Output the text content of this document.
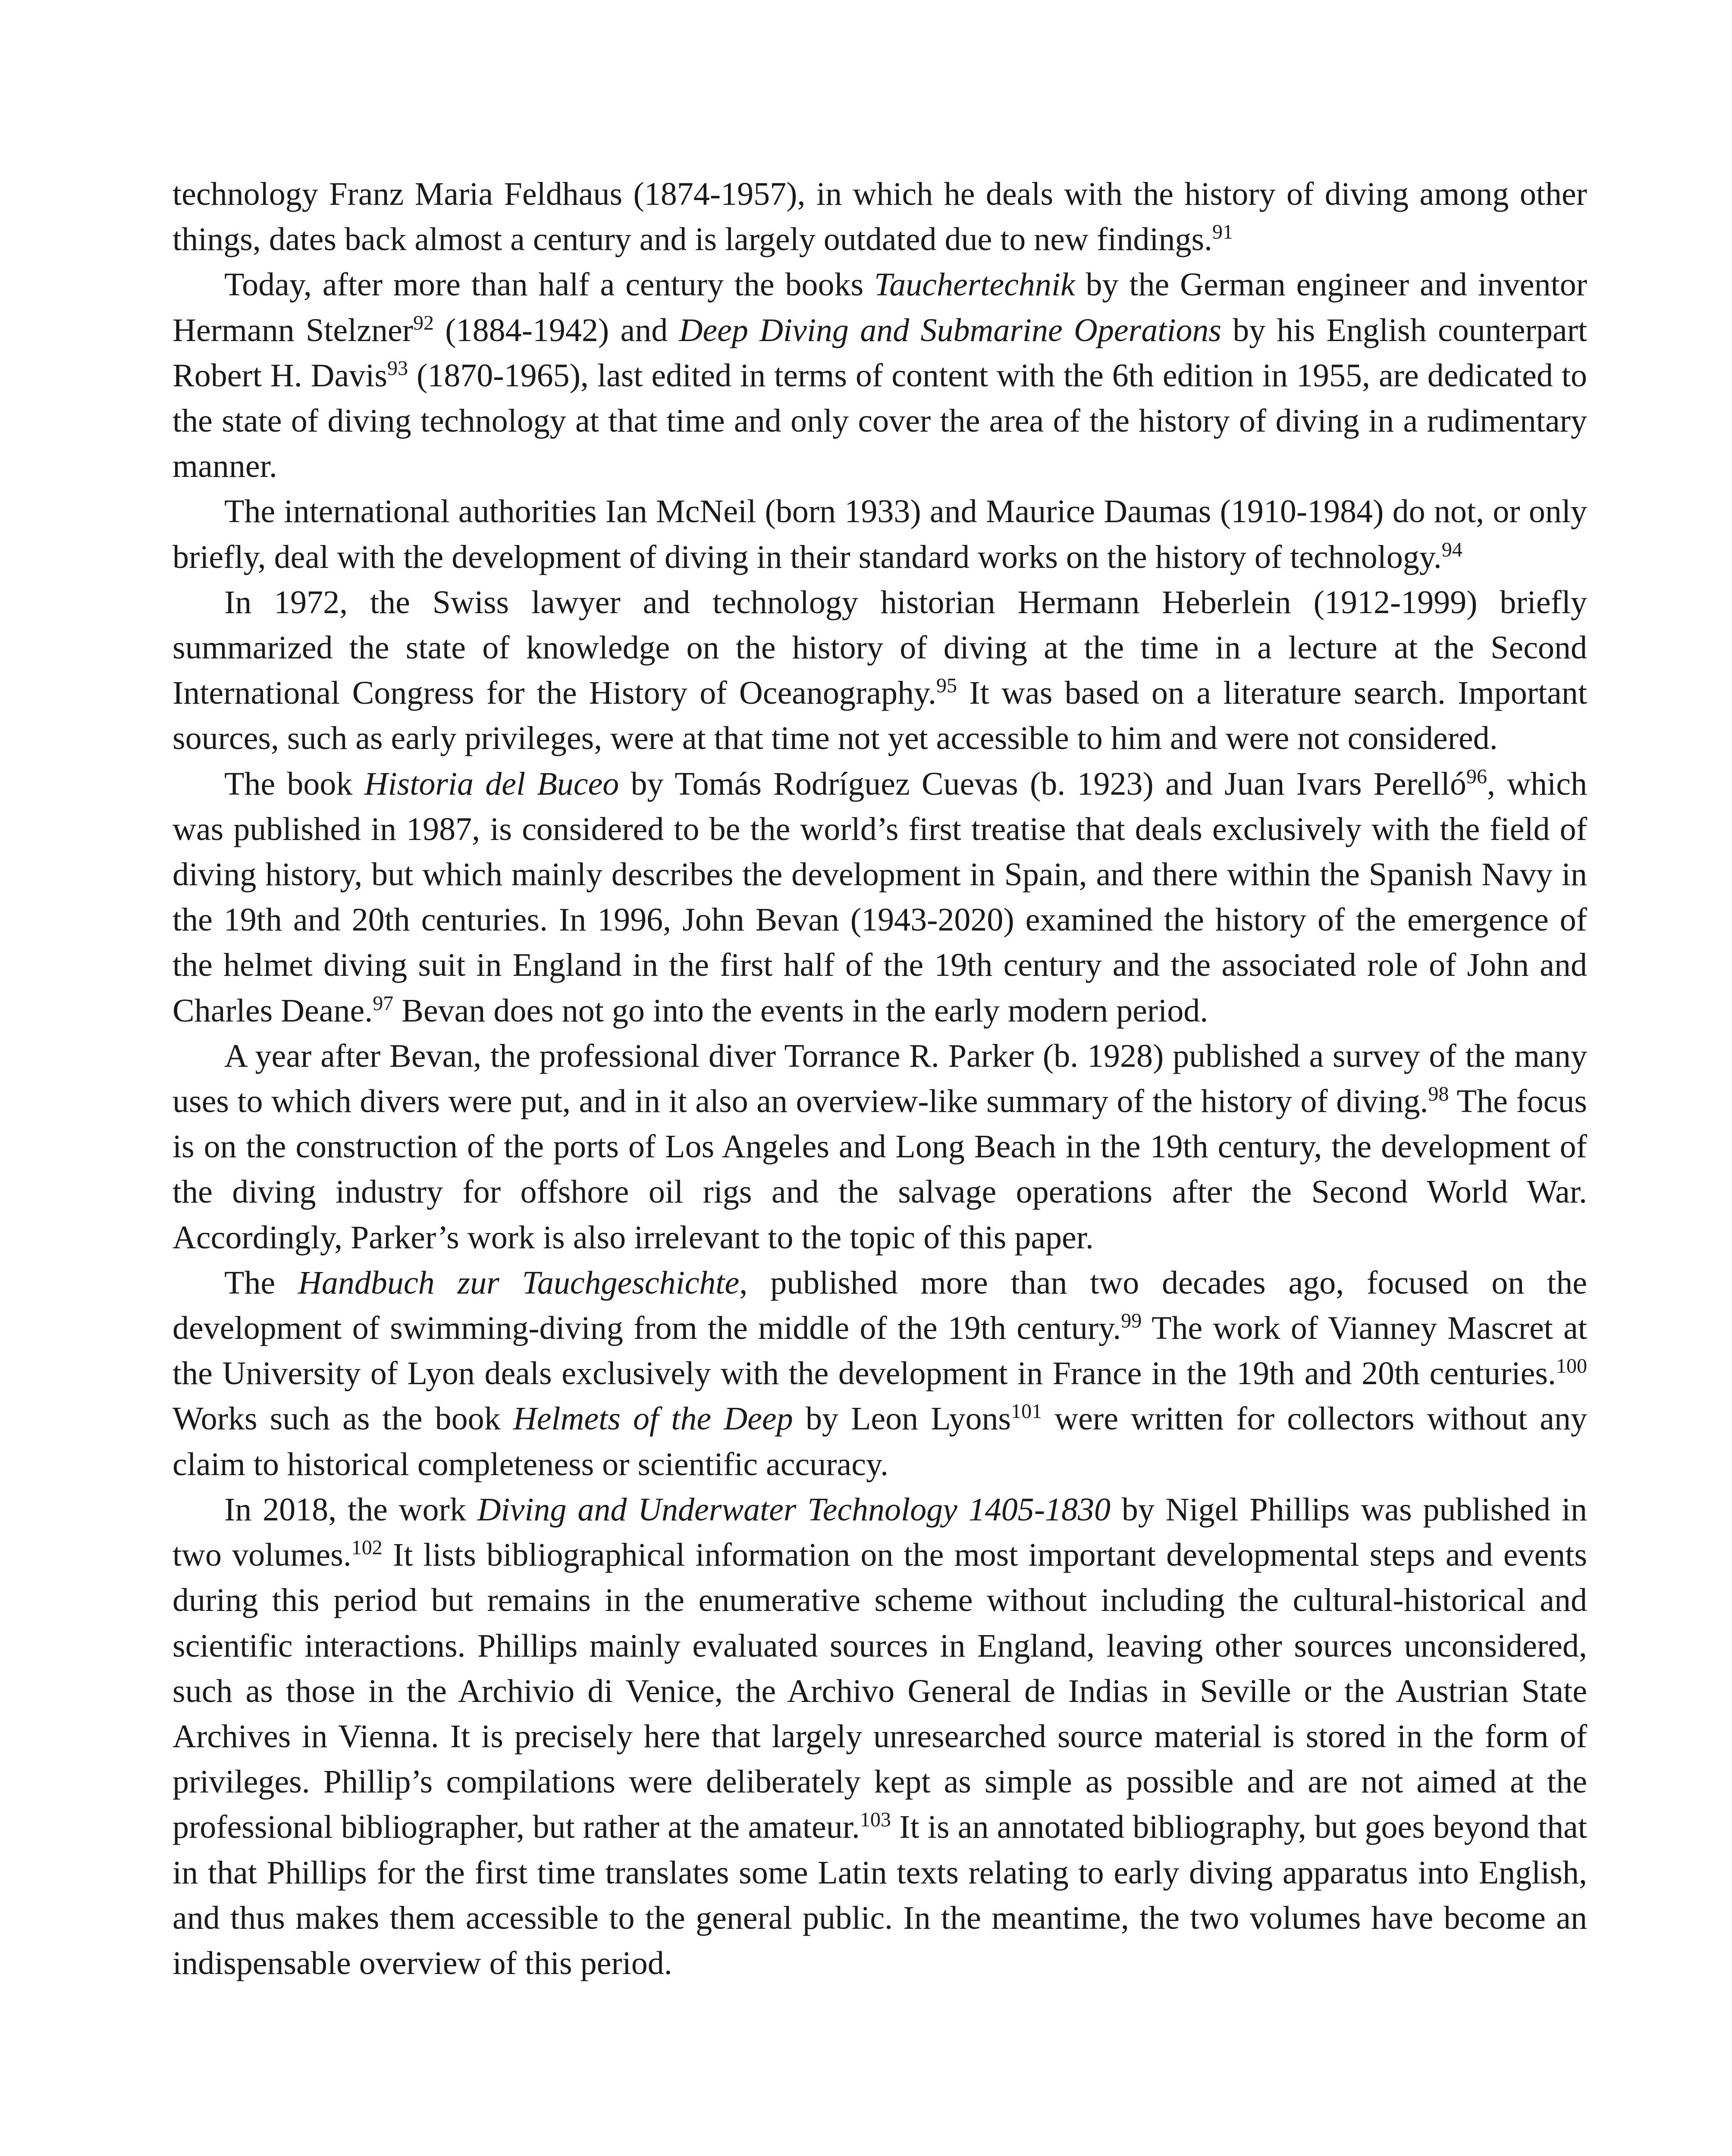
technology Franz Maria Feldhaus (1874-1957), in which he deals with the history of diving among other things, dates back almost a century and is largely outdated due to new findings.$^{91}$

Today, after more than half a century the books Tauchertechnik by the German engineer and inventor Hermann Stelzner$^{92}$ (1884-1942) and Deep Diving and Submarine Operations by his English counterpart Robert H. Davis$^{93}$ (1870-1965), last edited in terms of content with the 6th edition in 1955, are dedicated to the state of diving technology at that time and only cover the area of the history of diving in a rudimentary manner.

The international authorities Ian McNeil (born 1933) and Maurice Daumas (1910-1984) do not, or only briefly, deal with the development of diving in their standard works on the history of technology.$^{94}$

In 1972, the Swiss lawyer and technology historian Hermann Heberlein (1912-1999) briefly summarized the state of knowledge on the history of diving at the time in a lecture at the Second International Congress for the History of Oceanography.$^{95}$ It was based on a literature search. Important sources, such as early privileges, were at that time not yet accessible to him and were not considered.

The book Historia del Buceo by Tomás Rodríguez Cuevas (b. 1923) and Juan Ivars Perelló$^{96}$, which was published in 1987, is considered to be the world’s first treatise that deals exclusively with the field of diving history, but which mainly describes the development in Spain, and there within the Spanish Navy in the 19th and 20th centuries. In 1996, John Bevan (1943-2020) examined the history of the emergence of the helmet diving suit in England in the first half of the 19th century and the associated role of John and Charles Deane.$^{97}$ Bevan does not go into the events in the early modern period.

A year after Bevan, the professional diver Torrance R. Parker (b. 1928) published a survey of the many uses to which divers were put, and in it also an overview-like summary of the history of diving.$^{98}$ The focus is on the construction of the ports of Los Angeles and Long Beach in the 19th century, the development of the diving industry for offshore oil rigs and the salvage operations after the Second World War. Accordingly, Parker’s work is also irrelevant to the topic of this paper.

The Handbuch zur Tauchgeschichte, published more than two decades ago, focused on the development of swimming-diving from the middle of the 19th century.$^{99}$ The work of Vianney Mascret at the University of Lyon deals exclusively with the development in France in the 19th and 20th centuries.$^{100}$ Works such as the book Helmets of the Deep by Leon Lyons$^{101}$ were written for collectors without any claim to historical completeness or scientific accuracy.

In 2018, the work Diving and Underwater Technology 1405-1830 by Nigel Phillips was published in two volumes.$^{102}$ It lists bibliographical information on the most important developmental steps and events during this period but remains in the enumerative scheme without including the cultural-historical and scientific interactions. Phillips mainly evaluated sources in England, leaving other sources unconsidered, such as those in the Archivio di Venice, the Archivo General de Indias in Seville or the Austrian State Archives in Vienna. It is precisely here that largely unresearched source material is stored in the form of privileges. Phillip’s compilations were deliberately kept as simple as possible and are not aimed at the professional bibliographer, but rather at the amateur.$^{103}$ It is an annotated bibliography, but goes beyond that in that Phillips for the first time translates some Latin texts relating to early diving apparatus into English, and thus makes them accessible to the general public. In the meantime, the two volumes have become an indispensable overview of this period.
